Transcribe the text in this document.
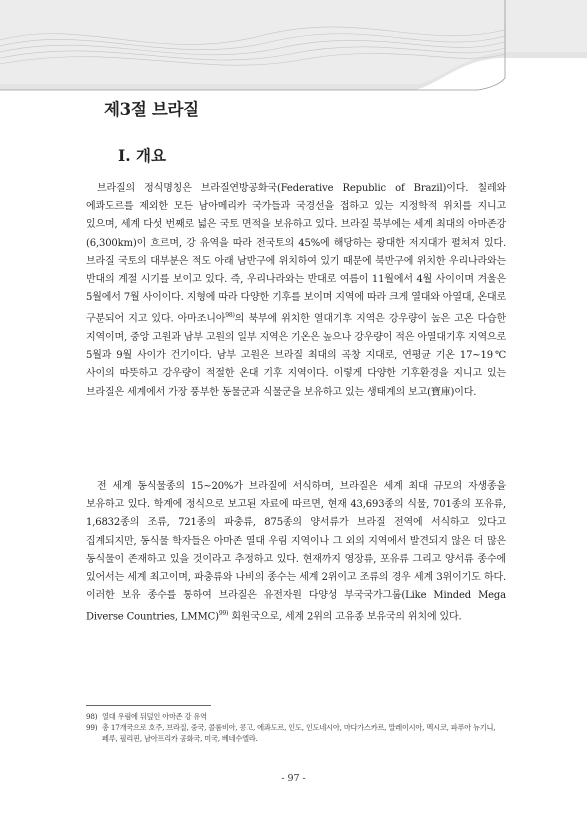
제3절 브라질
I. 개요

브라질의 정식명칭은 브라질연방공화국(Federative Republic of Brazil)이다. 칠레와 에콰도르를 제외한 모든 남아메리카 국가들과 국경선을 접하고 있는 지정학적 위치를 지니고 있으며, 세계 다섯 번째로 넓은 국토 면적을 보유하고 있다. 브라질 북부에는 세계 최대의 아마존강(6,300km)이 흐르며, 강 유역을 따라 전국토의 45%에 해당하는 광대한 저지대가 펼쳐져 있다. 브라질 국토의 대부분은 적도 아래 남반구에 위치하여 있기 때문에 북반구에 위치한 우리나라와는 반대의 계절 시기를 보이고 있다. 즉, 우리나라와는 반대로 여름이 11월에서 4월 사이이며 겨울은 5월에서 7월 사이이다. 지형에 따라 다양한 기후를 보이며 지역에 따라 크게 열대와 아열대, 온대로 구분되어 지고 있다. 아마조니아$^{98)}$의 북부에 위치한 열대기후 지역은 강우량이 높은 고온 다습한 지역이며, 중앙 고원과 남부 고원의 일부 지역은 기온은 높으나 강우량이 적은 아열대기후 지역으로 5월과 9월 사이가 건기이다. 남부 고원은 브라질 최대의 곡창 지대로, 연평균 기온 17~19℃ 사이의 따뜻하고 강우량이 적절한 온대 기후 지역이다. 이렇게 다양한 기후환경을 지니고 있는 브라질은 세계에서 가장 풍부한 동물군과 식물군을 보유하고 있는 생태계의 보고(寶庫)이다.

전 세계 동식물종의 15~20%가 브라질에 서식하며, 브라질은 세계 최대 규모의 자생종을 보유하고 있다. 학계에 정식으로 보고된 자료에 따르면, 현재 43,693종의 식물, 701종의 포유류, 1,6832종의 조류, 721종의 파충류, 875종의 양서류가 브라질 전역에 서식하고 있다고 집계되지만, 동식물 학자들은 아마존 열대 우림 지역이나 그 외의 지역에서 발견되지 않은 더 많은 동식물이 존재하고 있을 것이라고 추정하고 있다. 현재까지 영장류, 포유류 그리고 양서류 종수에 있어서는 세계 최고이며, 파충류와 나비의 종수는 세계 2위이고 조류의 경우 세계 3위이기도 하다. 이러한 보유 종수를 통하여 브라질은 유전자원 다양성 부국국가그룹(Like Minded Mega Diverse Countries, LMMC)$^{99)}$ 회원국으로, 세계 2위의 고유종 보유국의 위치에 있다.

98) 열대 우림에 뒤덮인 아마존 강 유역

99) 총 17개국으로 호주, 브라질, 중국, 콜롬비아, 콩고, 에콰도르, 인도, 인도네시아, 마다가스카르, 말레이시아, 멕시코, 파푸아 뉴기니, 페루, 필리핀, 남아프리카 공화국, 미국, 베네수엘라.

- 97 -
